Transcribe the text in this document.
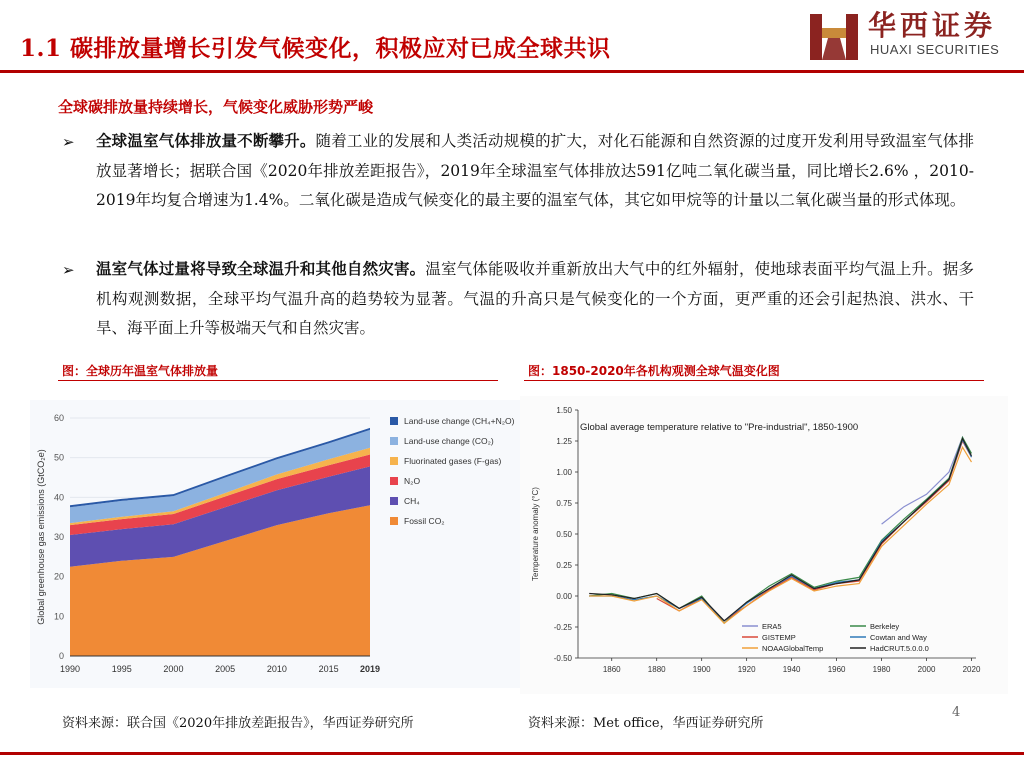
1.1 碳排放量增长引发气候变化，积极应对已成全球共识
华西证券
HUAXI SECURITIES
全球碳排放量持续增长，气候变化威胁形势严峻
➢ 全球温室气体排放量不断攀升。随着工业的发展和人类活动规模的扩大，对化石能源和自然资源的过度开发利用导致温室气体排放显著增长；据联合国《2020年排放差距报告》，2019年全球温室气体排放达591亿吨二氧化碳当量，同比增长2.6% ，2010-2019年均复合增速为1.4%。二氧化碳是造成气候变化的最主要的温室气体，其它如甲烷等的计量以二氧化碳当量的形式体现。
➢ 温室气体过量将导致全球温升和其他自然灾害。温室气体能吸收并重新放出大气中的红外辐射，使地球表面平均气温上升。据多机构观测数据，全球平均气温升高的趋势较为显著。气温的升高只是气候变化的一个方面，更严重的还会引起热浪、洪水、干旱、海平面上升等极端天气和自然灾害。
图：全球历年温室气体排放量	图：1850-2020年各机构观测全球气温变化图
0
10
20
30
40
50
60
1990	1995	2000	2005	2010	2015 2019
Global greenhouse gas emissions (GtCO₂e)
Land-use change (CH₄+N₂O)
Land-use change (CO₂)
Fluorinated gases (F-gas)
N₂O
CH₄
Fossil CO₂
-0.50
-0.25
0.00
0.25
0.50
0.75
1.00
1.25
1.50
1860	1880	1900	1920	1940	1960	1980	2000	2020
Global average temperature relative to "Pre-industrial", 1850-1900
Temperature anomaly (°C)
ERA5	Berkeley
GISTEMP	Cowtan and Way
NOAAGlobalTemp	HadCRUT.5.0.0.0
资料来源：联合国《2020年排放差距报告》，华西证券研究所	资料来源：Met office，华西证券研究所
4
